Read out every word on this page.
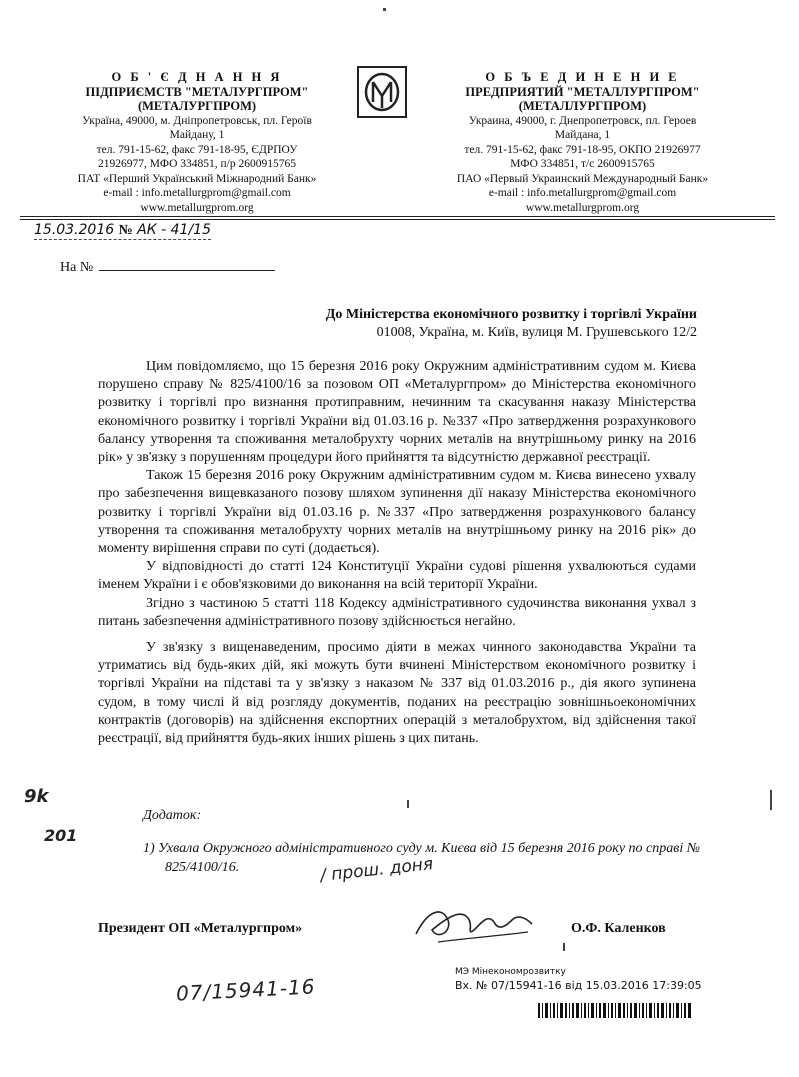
О Б ' Є Д Н А Н Н Я
ПІДПРИЄМСТВ "МЕТАЛУРГПРОМ"
(МЕТАЛУРГПРОМ)
Україна, 49000, м. Дніпропетровськ, пл. Героїв
Майдану, 1
тел. 791-15-62, факс 791-18-95, ЄДРПОУ
21926977, МФО 334851, п/р 2600915765
ПАТ «Перший Український Міжнародний Банк»
e-mail : info.metallurgprom@gmail.com
www.metallurgprom.org
О Б Ъ Е Д И Н Е Н И Е
ПРЕДПРИЯТИЙ "МЕТАЛЛУРГПРОМ"
(МЕТАЛЛУРГПРОМ)
Украина, 49000, г. Днепропетровск, пл. Героев
Майдана, 1
тел. 791-15-62, факс 791-18-95, ОКПО 21926977
МФО 334851, т/с 2600915765
ПАО «Первый Украинский Международный Банк»
e-mail : info.metallurgprom@gmail.com
www.metallurgprom.org
15.03.2016 № АК - 41/15
На №
До Міністерства економічного розвитку і торгівлі України
01008, Україна, м. Київ, вулиця М. Грушевського 12/2

Цим повідомляємо, що 15 березня 2016 року Окружним адміністративним судом м. Києва порушено справу № 825/4100/16 за позовом ОП «Металургпром» до Міністерства економічного розвитку і торгівлі про визнання протиправним, нечинним та скасування наказу Міністерства економічного розвитку і торгівлі України від 01.03.16 р. №337 «Про затвердження розрахункового балансу утворення та споживання металобрухту чорних металів на внутрішньому ринку на 2016 рік» у зв'язку з порушенням процедури його прийняття та відсутністю державної реєстрації.

Також 15 березня 2016 року Окружним адміністративним судом м. Києва винесено ухвалу про забезпечення вищевказаного позову шляхом зупинення дії наказу Міністерства економічного розвитку і торгівлі України від 01.03.16 р. №337 «Про затвердження розрахункового балансу утворення та споживання металобрухту чорних металів на внутрішньому ринку на 2016 рік» до моменту вирішення справи по суті (додається).

У відповідності до статті 124 Конституції України судові рішення ухвалюються судами іменем України і є обов'язковими до виконання на всій території України.

Згідно з частиною 5 статті 118 Кодексу адміністративного судочинства виконання ухвал з питань забезпечення адміністративного позову здійснюється негайно.

У зв'язку з вищенаведеним, просимо діяти в межах чинного законодавства України та утриматись від будь-яких дій, які можуть бути вчинені Міністерством економічного розвитку і торгівлі України на підставі та у зв'язку з наказом № 337 від 01.03.2016 р., дія якого зупинена судом, в тому числі й від розгляду документів, поданих на реєстрацію зовнішньоекономічних контрактів (договорів) на здійснення експортних операцій з металобрухтом, від здійснення такої реєстрації, від прийняття будь-яких інших рішень з цих питань.

Додаток:
1) Ухвала Окружного адміністративного суду м. Києва від 15 березня 2016 року по справі № 825/4100/16.	/ прош. доня
9k
201
07/15941-16
Президент ОП «Металургпром»	О.Ф. Каленков
МЭ Мінекономрозвитку
Вх. № 07/15941-16 від 15.03.2016 17:39:05
